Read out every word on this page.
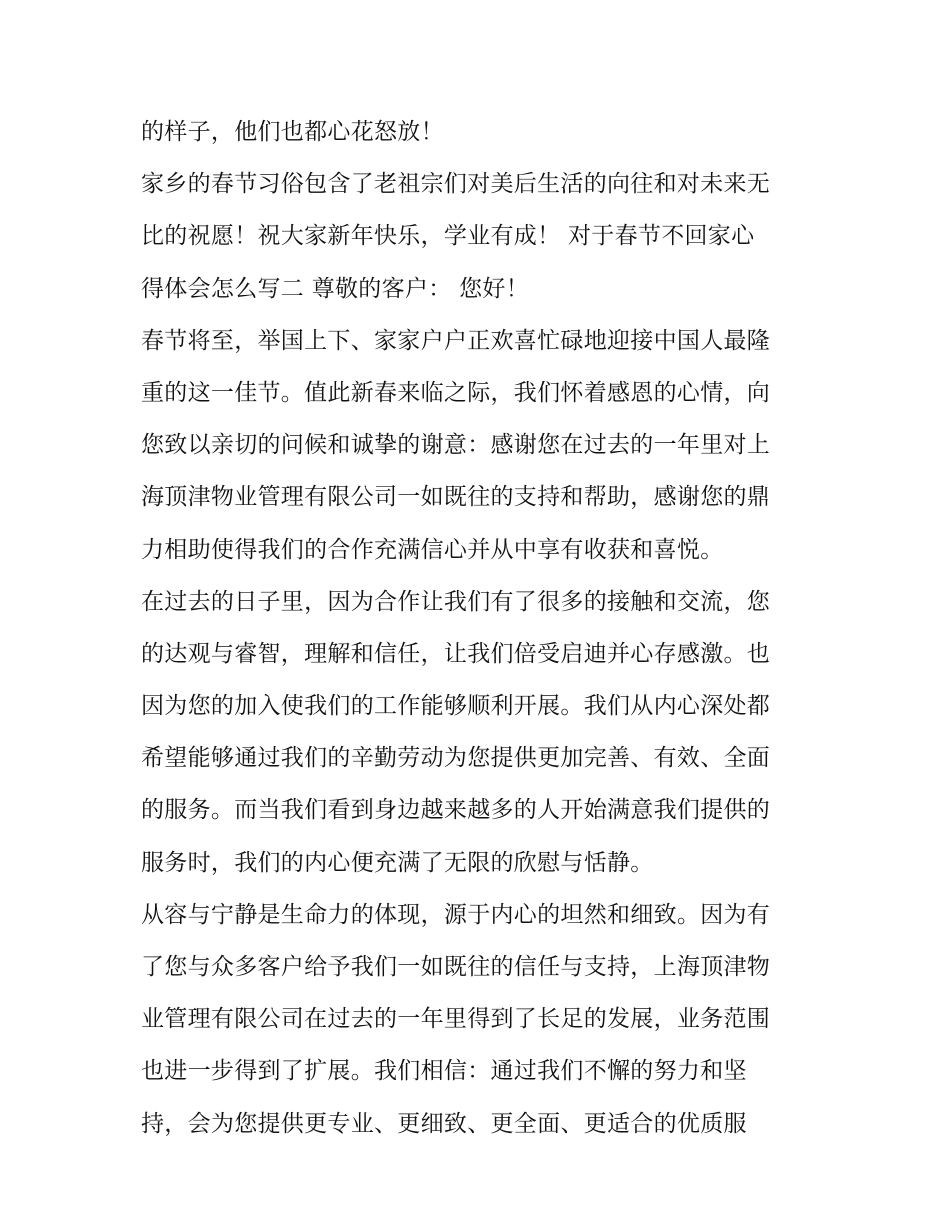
的样子，他们也都心花怒放！
家乡的春节习俗包含了老祖宗们对美后生活的向往和对未来无
比的祝愿！祝大家新年快乐，学业有成！ 对于春节不回家心
得体会怎么写二 尊敬的客户： 您好！
春节将至，举国上下、家家户户正欢喜忙碌地迎接中国人最隆
重的这一佳节。值此新春来临之际，我们怀着感恩的心情，向
您致以亲切的问候和诚挚的谢意：感谢您在过去的一年里对上
海顶津物业管理有限公司一如既往的支持和帮助，感谢您的鼎
力相助使得我们的合作充满信心并从中享有收获和喜悦。
在过去的日子里，因为合作让我们有了很多的接触和交流，您
的达观与睿智，理解和信任，让我们倍受启迪并心存感激。也
因为您的加入使我们的工作能够顺利开展。我们从内心深处都
希望能够通过我们的辛勤劳动为您提供更加完善、有效、全面
的服务。而当我们看到身边越来越多的人开始满意我们提供的
服务时，我们的内心便充满了无限的欣慰与恬静。
从容与宁静是生命力的体现，源于内心的坦然和细致。因为有
了您与众多客户给予我们一如既往的信任与支持，上海顶津物
业管理有限公司在过去的一年里得到了长足的发展，业务范围
也进一步得到了扩展。我们相信：通过我们不懈的努力和坚
持，会为您提供更专业、更细致、更全面、更适合的优质服
